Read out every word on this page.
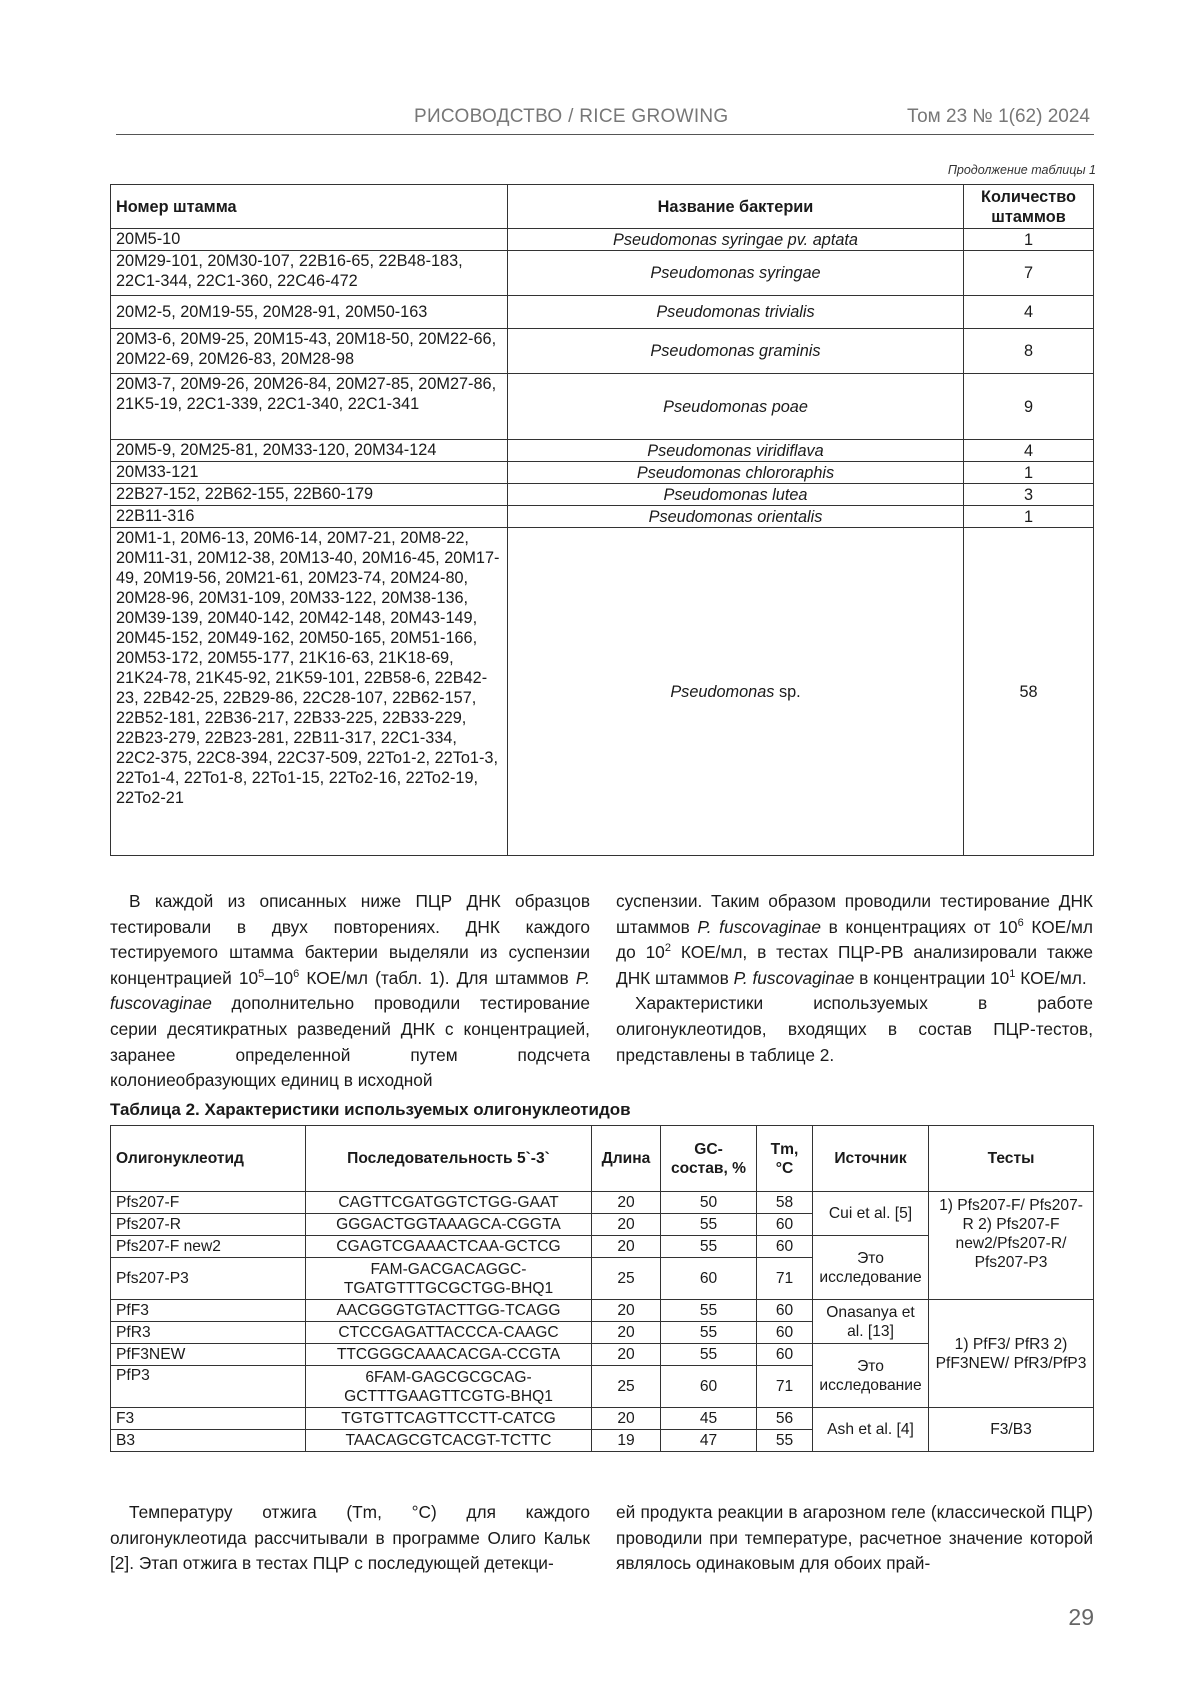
РИСОВОДСТВО / RICE GROWING	Том 23 № 1(62) 2024
Продолжение таблицы 1
Номер штамма	Название бактерии	Количество штаммов
20M5-10	Pseudomonas syringae pv. aptata	1
20M29-101, 20M30-107, 22B16-65, 22B48-183, 22C1-344, 22C1-360, 22C46-472	Pseudomonas syringae	7
20M2-5, 20M19-55, 20M28-91, 20M50-163	Pseudomonas trivialis	4
20M3-6, 20M9-25, 20M15-43, 20M18-50, 20M22-66, 20M22-69, 20M26-83, 20M28-98	Pseudomonas graminis	8
20M3-7, 20M9-26, 20M26-84, 20M27-85, 20M27-86, 21K5-19, 22C1-339, 22C1-340, 22C1-341	Pseudomonas poae	9
20M5-9, 20M25-81, 20M33-120, 20M34-124	Pseudomonas viridiflava	4
20M33-121	Pseudomonas chlororaphis	1
22B27-152, 22B62-155, 22B60-179	Pseudomonas lutea	3
22B11-316	Pseudomonas orientalis	1
20M1-1, 20M6-13, 20M6-14, 20M7-21, 20M8-22, 20M11-31, 20M12-38, 20M13-40, 20M16-45, 20M17-49, 20M19-56, 20M21-61, 20M23-74, 20M24-80, 20M28-96, 20M31-109, 20M33-122, 20M38-136, 20M39-139, 20M40-142, 20M42-148, 20M43-149, 20M45-152, 20M49-162, 20M50-165, 20M51-166, 20M53-172, 20M55-177, 21K16-63, 21K18-69, 21K24-78, 21K45-92, 21K59-101, 22B58-6, 22B42-23, 22B42-25, 22B29-86, 22C28-107, 22B62-157, 22B52-181, 22B36-217, 22B33-225, 22B33-229, 22B23-279, 22B23-281, 22B11-317, 22C1-334, 22C2-375, 22C8-394, 22C37-509, 22To1-2, 22To1-3, 22To1-4, 22To1-8, 22To1-15, 22To2-16, 22To2-19, 22To2-21	Pseudomonas sp.	58

В каждой из описанных ниже ПЦР ДНК образцов тестировали в двух повторениях. ДНК каждого тестируемого штамма бактерии выделяли из суспензии концентрацией $10^5-10^6$ КОЕ/мл (табл. 1). Для штаммов P. fuscovaginae дополнительно проводили тестирование серии десятикратных разведений ДНК с концентрацией, заранее определенной путем подсчета колониеобразующих единиц в исходной

суспензии. Таким образом проводили тестирование ДНК штаммов P. fuscovaginae в концентрациях от $10^6$ КОЕ/мл до $10^2$ КОЕ/мл, в тестах ПЦР-РВ анализировали также ДНК штаммов P. fuscovaginae в концентрации $10^1$ КОЕ/мл.

Характеристики используемых в работе олигонуклеотидов, входящих в состав ПЦР-тестов, представлены в таблице 2.

Таблица 2. Характеристики используемых олигонуклеотидов
Олигонуклеотид	Последовательность 5`-3`	Длина	GC-состав, %	Tm, °С	Источник	Тесты
Pfs207-F	CAGTTCGATGGTCTGG-GAAT	20	50	58	Cui et al. [5]	1) Pfs207-F/ Pfs207-R 2) Pfs207-F new2/Pfs207-R/ Pfs207-P3
Pfs207-R	GGGACTGGTAAAGCA-CGGTA	20	55	60		
Pfs207-F new2	CGAGTCGAAACTCAA-GCTCG	20	55	60	Это исследование	
Pfs207-P3	FAM-GACGACAGGC-TGATGTTTGCGCTGG-BHQ1	25	60	71		
PfF3	AACGGGTGTACTTGG-TCAGG	20	55	60	Onasanya et al. [13]	1) PfF3/ PfR3 2) PfF3NEW/ PfR3/PfP3
PfR3	CTCCGAGATTACCCA-CAAGC	20	55	60		
PfF3NEW	TTCGGGCAAACACGA-CCGTA	20	55	60	Это исследование	
PfP3	6FAM-GAGCGCGCAG-GCTTTGAAGTTCGTG-BHQ1	25	60	71		
F3	TGTGTTCAGTTCCTT-CATCG	20	45	56	Ash et al. [4]	F3/B3
B3	TAACAGCGTCACGT-TCTTC	19	47	55		

Температуру отжига (Tm, °С) для каждого олигонуклеотида рассчитывали в программе Олиго Кальк [2]. Этап отжига в тестах ПЦР с последующей детекци-

ей продукта реакции в агарозном геле (классической ПЦР) проводили при температуре, расчетное значение которой являлось одинаковым для обоих прай-

29
